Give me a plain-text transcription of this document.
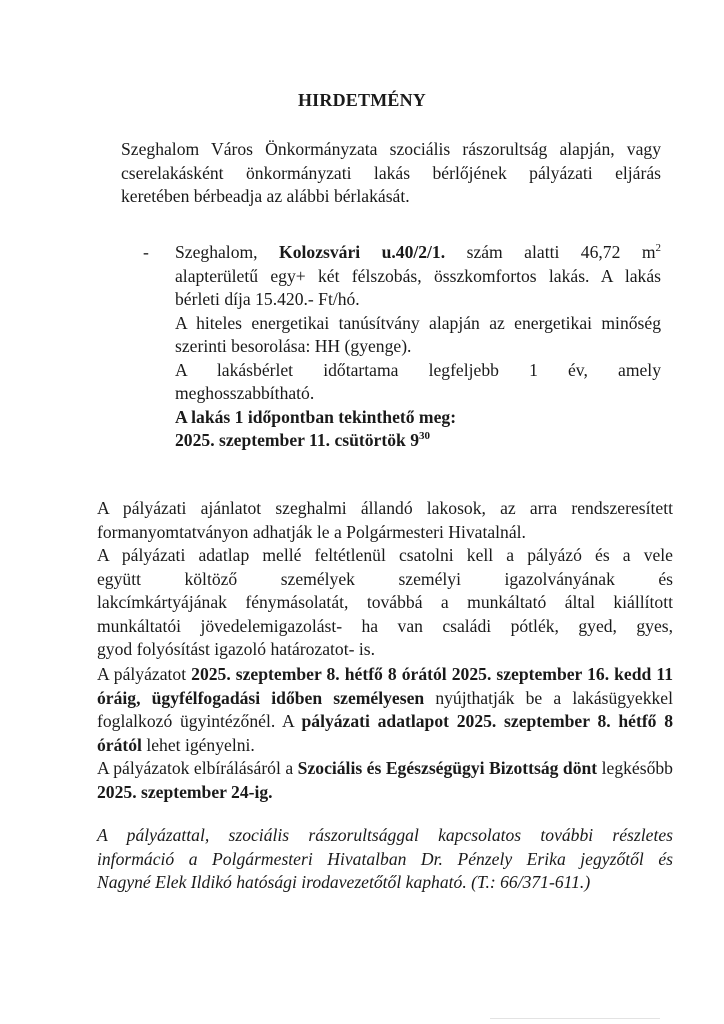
HIRDETMÉNY

Szeghalom Város Önkormányzata szociális rászorultság alapján, vagy

cserelakásként önkormányzati lakás bérlőjének pályázati eljárás

keretében bérbeadja az alábbi bérlakását.

- Szeghalom, Kolozsvári u.40/2/1. szám alatti 46,72 $m^2$

alapterületű egy+ két félszobás, összkomfortos lakás. A lakás

bérleti díja 15.420.- Ft/hó.

A hiteles energetikai tanúsítvány alapján az energetikai minőség

szerinti besorolása: HH (gyenge).

A lakásbérlet időtartama legfeljebb 1 év, amely

meghosszabbítható.

A lakás 1 időpontban tekinthető meg:

2025. szeptember 11. csütörtök $9^{30}$

A pályázati ajánlatot szeghalmi állandó lakosok, az arra rendszeresített

formanyomtatványon adhatják le a Polgármesteri Hivatalnál.

A pályázati adatlap mellé feltétlenül csatolni kell a pályázó és a vele

együtt költöző személyek személyi igazolványának és

lakcímkártyájának fénymásolatát, továbbá a munkáltató által kiállított

munkáltatói jövedelemigazolást- ha van családi pótlék, gyed, gyes,

gyod folyósítást igazoló határozatot- is.

A pályázatot 2025. szeptember 8. hétfő 8 órától 2025. szeptember 16. kedd 11 óráig, ügyfélfogadási időben személyesen nyújthatják be a lakásügyekkel foglalkozó ügyintézőnél. A pályázati adatlapot 2025. szeptember 8. hétfő 8 órától lehet igényelni.

A pályázatok elbírálásáról a Szociális és Egészségügyi Bizottság dönt legkésőbb 2025. szeptember 24-ig.

A pályázattal, szociális rászorultsággal kapcsolatos további részletes

információ a Polgármesteri Hivatalban Dr. Pénzely Erika jegyzőtől és

Nagyné Elek Ildikó hatósági irodavezetőtől kapható. (T.: 66/371-611.)
